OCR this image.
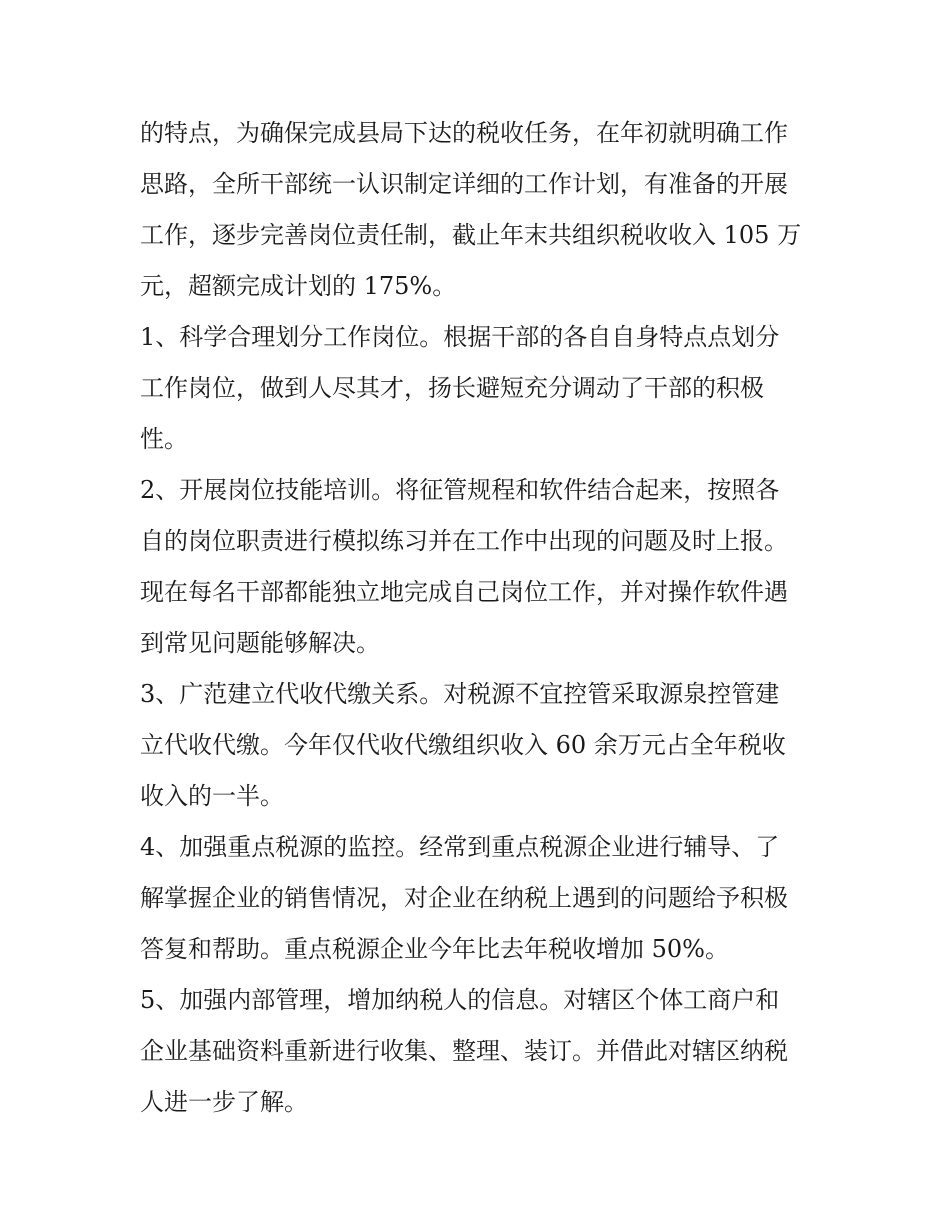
的特点，为确保完成县局下达的税收任务，在年初就明确工作
思路，全所干部统一认识制定详细的工作计划，有准备的开展
工作，逐步完善岗位责任制，截止年末共组织税收收入 105 万
元，超额完成计划的 175%。
1、科学合理划分工作岗位。根据干部的各自自身特点点划分
工作岗位，做到人尽其才，扬长避短充分调动了干部的积极
性。
2、开展岗位技能培训。将征管规程和软件结合起来，按照各
自的岗位职责进行模拟练习并在工作中出现的问题及时上报。
现在每名干部都能独立地完成自己岗位工作，并对操作软件遇
到常见问题能够解决。
3、广范建立代收代缴关系。对税源不宜控管采取源泉控管建
立代收代缴。今年仅代收代缴组织收入 60 余万元占全年税收
收入的一半。
4、加强重点税源的监控。经常到重点税源企业进行辅导、了
解掌握企业的销售情况，对企业在纳税上遇到的问题给予积极
答复和帮助。重点税源企业今年比去年税收增加 50%。
5、加强内部管理，增加纳税人的信息。对辖区个体工商户和
企业基础资料重新进行收集、整理、装订。并借此对辖区纳税
人进一步了解。
